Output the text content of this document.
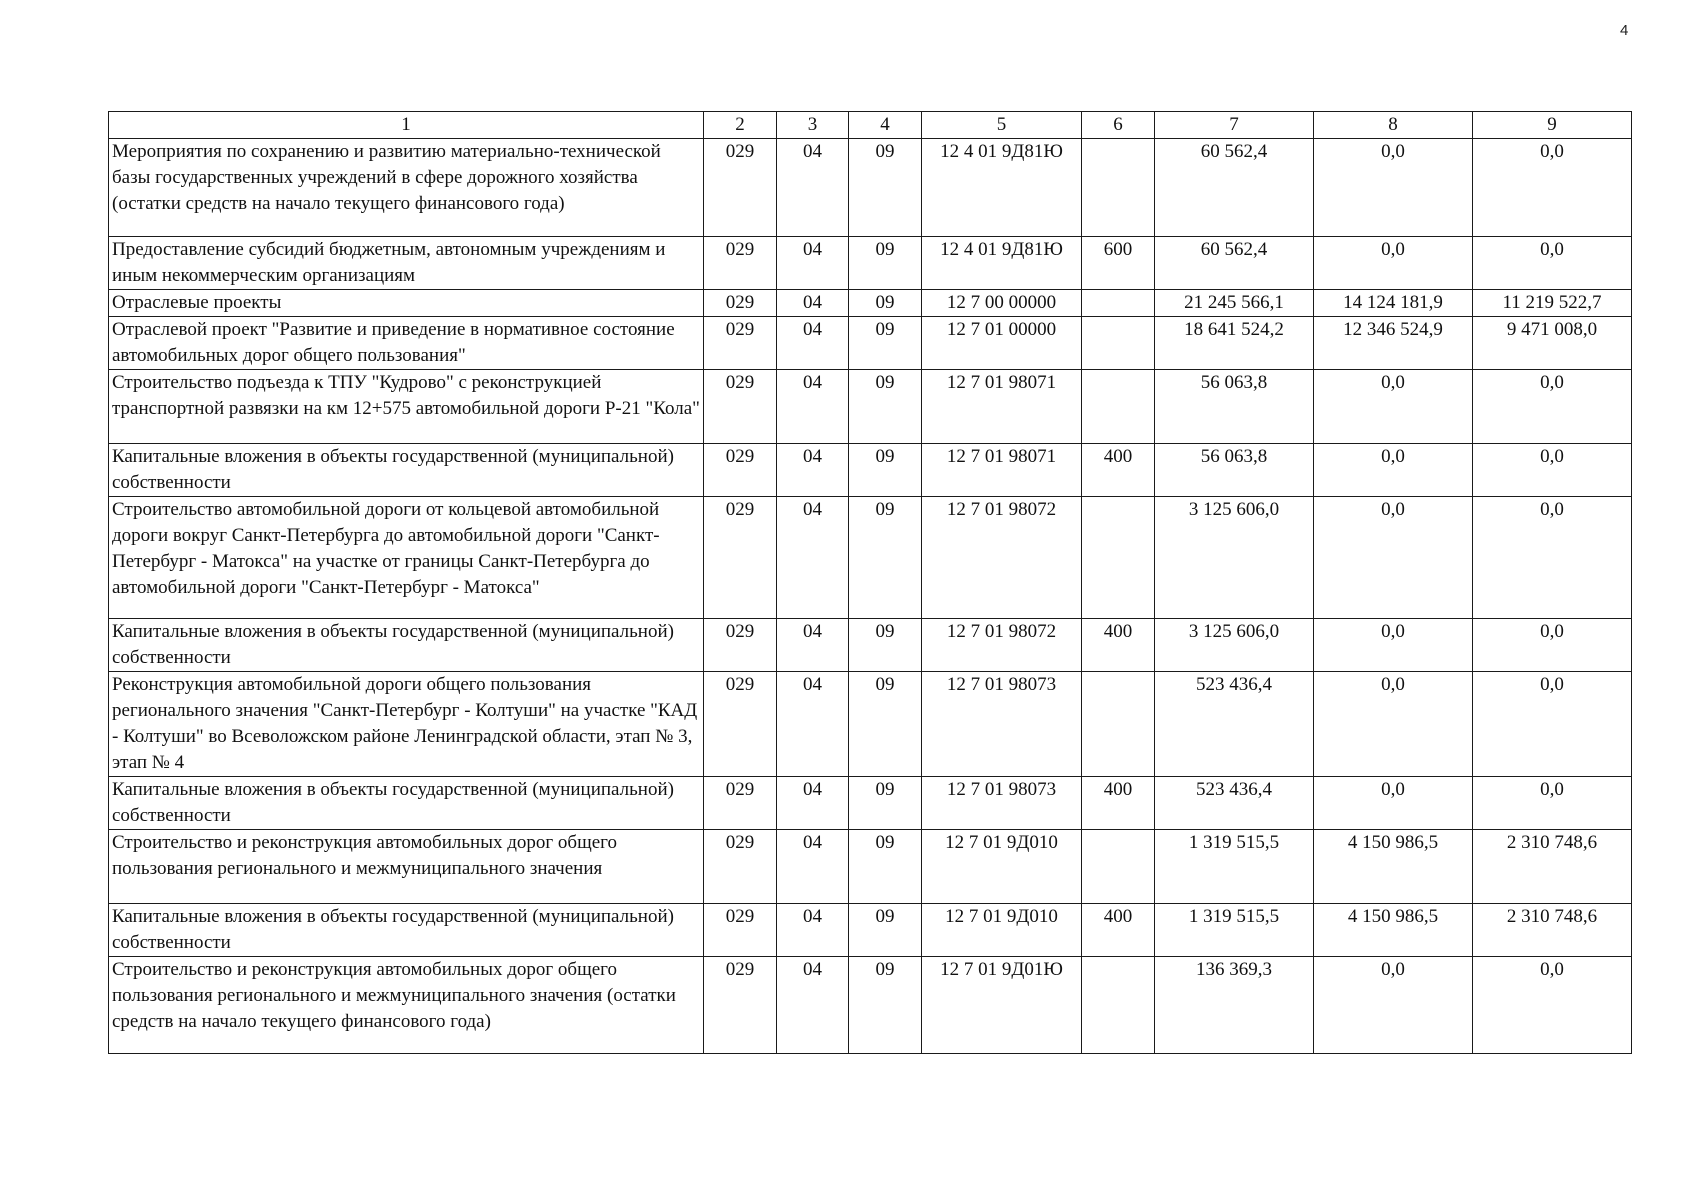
4
1	2	3	4	5	6	7	8	9
Мероприятия по сохранению и развитию материально-технической базы государственных учреждений в сфере дорожного хозяйства (остатки средств на начало текущего финансового года)	029	04	09	12 4 01 9Д81Ю		60 562,4	0,0	0,0
Предоставление субсидий бюджетным, автономным учреждениям и иным некоммерческим организациям	029	04	09	12 4 01 9Д81Ю	600	60 562,4	0,0	0,0
Отраслевые проекты	029	04	09	12 7 00 00000		21 245 566,1	14 124 181,9	11 219 522,7
Отраслевой проект "Развитие и приведение в нормативное состояние автомобильных дорог общего пользования"	029	04	09	12 7 01 00000		18 641 524,2	12 346 524,9	9 471 008,0
Строительство подъезда к ТПУ "Кудрово" с реконструкцией транспортной развязки на км 12+575 автомобильной дороги Р-21 "Кола"	029	04	09	12 7 01 98071		56 063,8	0,0	0,0
Капитальные вложения в объекты государственной (муниципальной) собственности	029	04	09	12 7 01 98071	400	56 063,8	0,0	0,0
Строительство автомобильной дороги от кольцевой автомобильной дороги вокруг Санкт-Петербурга до автомобильной дороги "Санкт-Петербург - Матокса" на участке от границы Санкт-Петербурга до автомобильной дороги "Санкт-Петербург - Матокса"	029	04	09	12 7 01 98072		3 125 606,0	0,0	0,0
Капитальные вложения в объекты государственной (муниципальной) собственности	029	04	09	12 7 01 98072	400	3 125 606,0	0,0	0,0
Реконструкция автомобильной дороги общего пользования регионального значения "Санкт-Петербург - Колтуши" на участке "КАД - Колтуши" во Всеволожском районе Ленинградской области, этап № 3, этап № 4	029	04	09	12 7 01 98073		523 436,4	0,0	0,0
Капитальные вложения в объекты государственной (муниципальной) собственности	029	04	09	12 7 01 98073	400	523 436,4	0,0	0,0
Строительство и реконструкция автомобильных дорог общего пользования регионального и межмуниципального значения	029	04	09	12 7 01 9Д010		1 319 515,5	4 150 986,5	2 310 748,6
Капитальные вложения в объекты государственной (муниципальной) собственности	029	04	09	12 7 01 9Д010	400	1 319 515,5	4 150 986,5	2 310 748,6
Строительство и реконструкция автомобильных дорог общего пользования регионального и межмуниципального значения (остатки средств на начало текущего финансового года)	029	04	09	12 7 01 9Д01Ю		136 369,3	0,0	0,0
